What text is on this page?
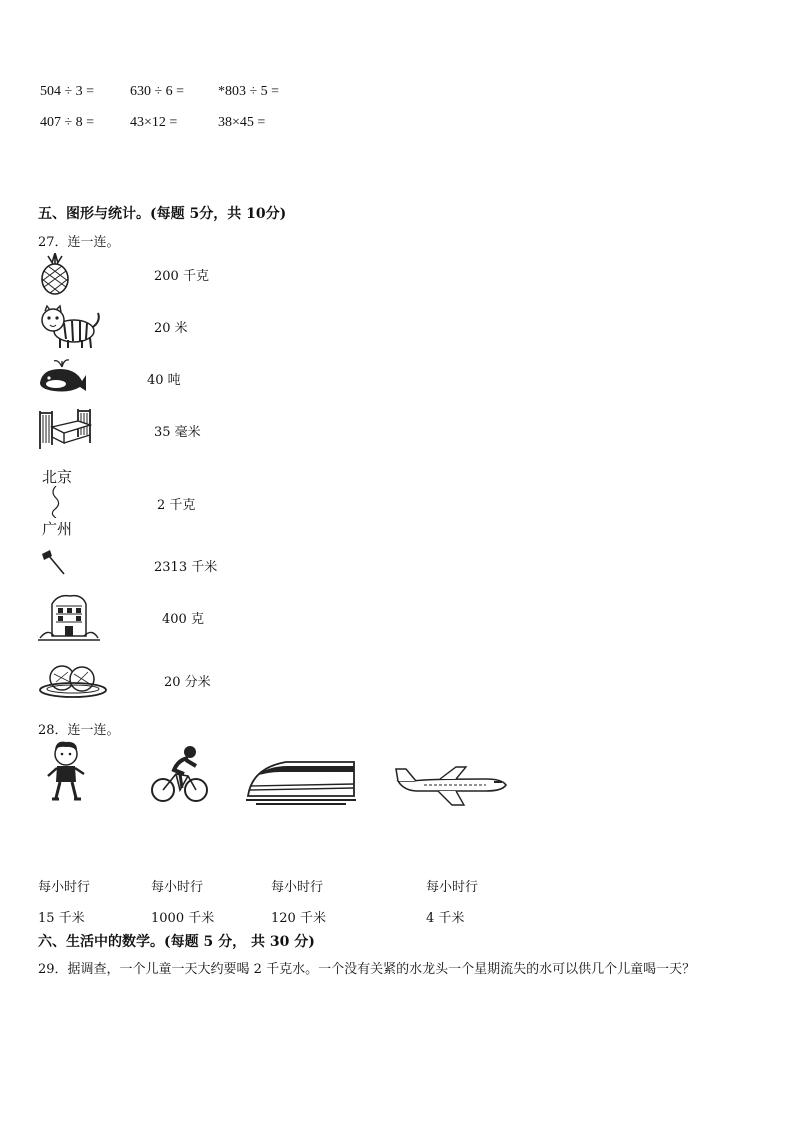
504 ÷ 3 =	630 ÷ 6 = *803 ÷ 5 =
407 ÷ 8 =	43×12 =	38×45 =
五、图形与统计。(每题 5分，共 10分)
27．连一连。
200 千克
20 米
40 吨
35 毫米
北京
广州
2 千克
2313 千米
400 克
20 分米
28．连一连。
每小时行	每小时行	每小时行	每小时行
15 千米	1000 千米	120 千米	4 千米
六、生活中的数学。(每题 5 分， 共 30 分)
29．据调查，一个儿童一天大约要喝 2 千克水。一个没有关紧的水龙头一个星期流失的水可以供几个儿童喝一天？
